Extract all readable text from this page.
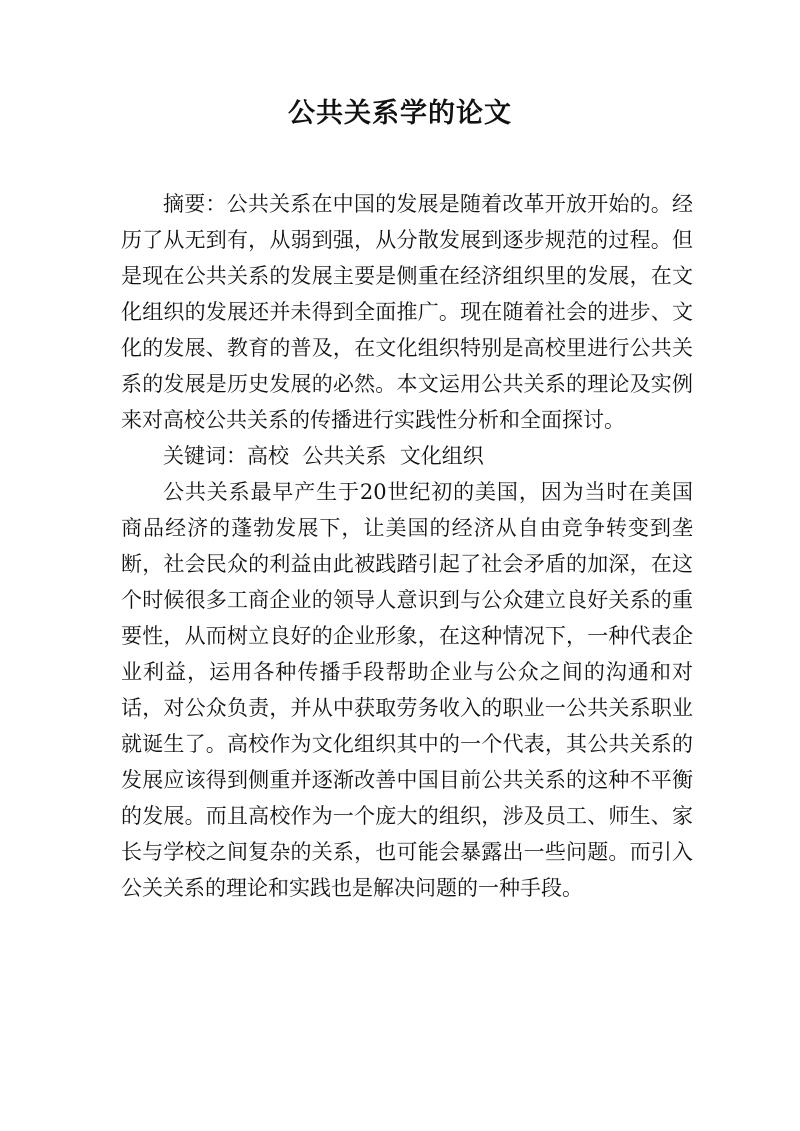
公共关系学的论文

摘要：公共关系在中国的发展是随着改革开放开始的。经历了从无到有，从弱到强，从分散发展到逐步规范的过程。但是现在公共关系的发展主要是侧重在经济组织里的发展，在文化组织的发展还并未得到全面推广。现在随着社会的进步、文化的发展、教育的普及，在文化组织特别是高校里进行公共关系的发展是历史发展的必然。本文运用公共关系的理论及实例来对高校公共关系的传播进行实践性分析和全面探讨。

关键词：高校  公共关系  文化组织

公共关系最早产生于20世纪初的美国，因为当时在美国商品经济的蓬勃发展下，让美国的经济从自由竞争转变到垄断，社会民众的利益由此被践踏引起了社会矛盾的加深，在这个时候很多工商企业的领导人意识到与公众建立良好关系的重要性，从而树立良好的企业形象，在这种情况下，一种代表企业利益，运用各种传播手段帮助企业与公众之间的沟通和对话，对公众负责，并从中获取劳务收入的职业一公共关系职业就诞生了。高校作为文化组织其中的一个代表，其公共关系的发展应该得到侧重并逐渐改善中国目前公共关系的这种不平衡的发展。而且高校作为一个庞大的组织，涉及员工、师生、家长与学校之间复杂的关系，也可能会暴露出一些问题。而引入公关关系的理论和实践也是解决问题的一种手段。
